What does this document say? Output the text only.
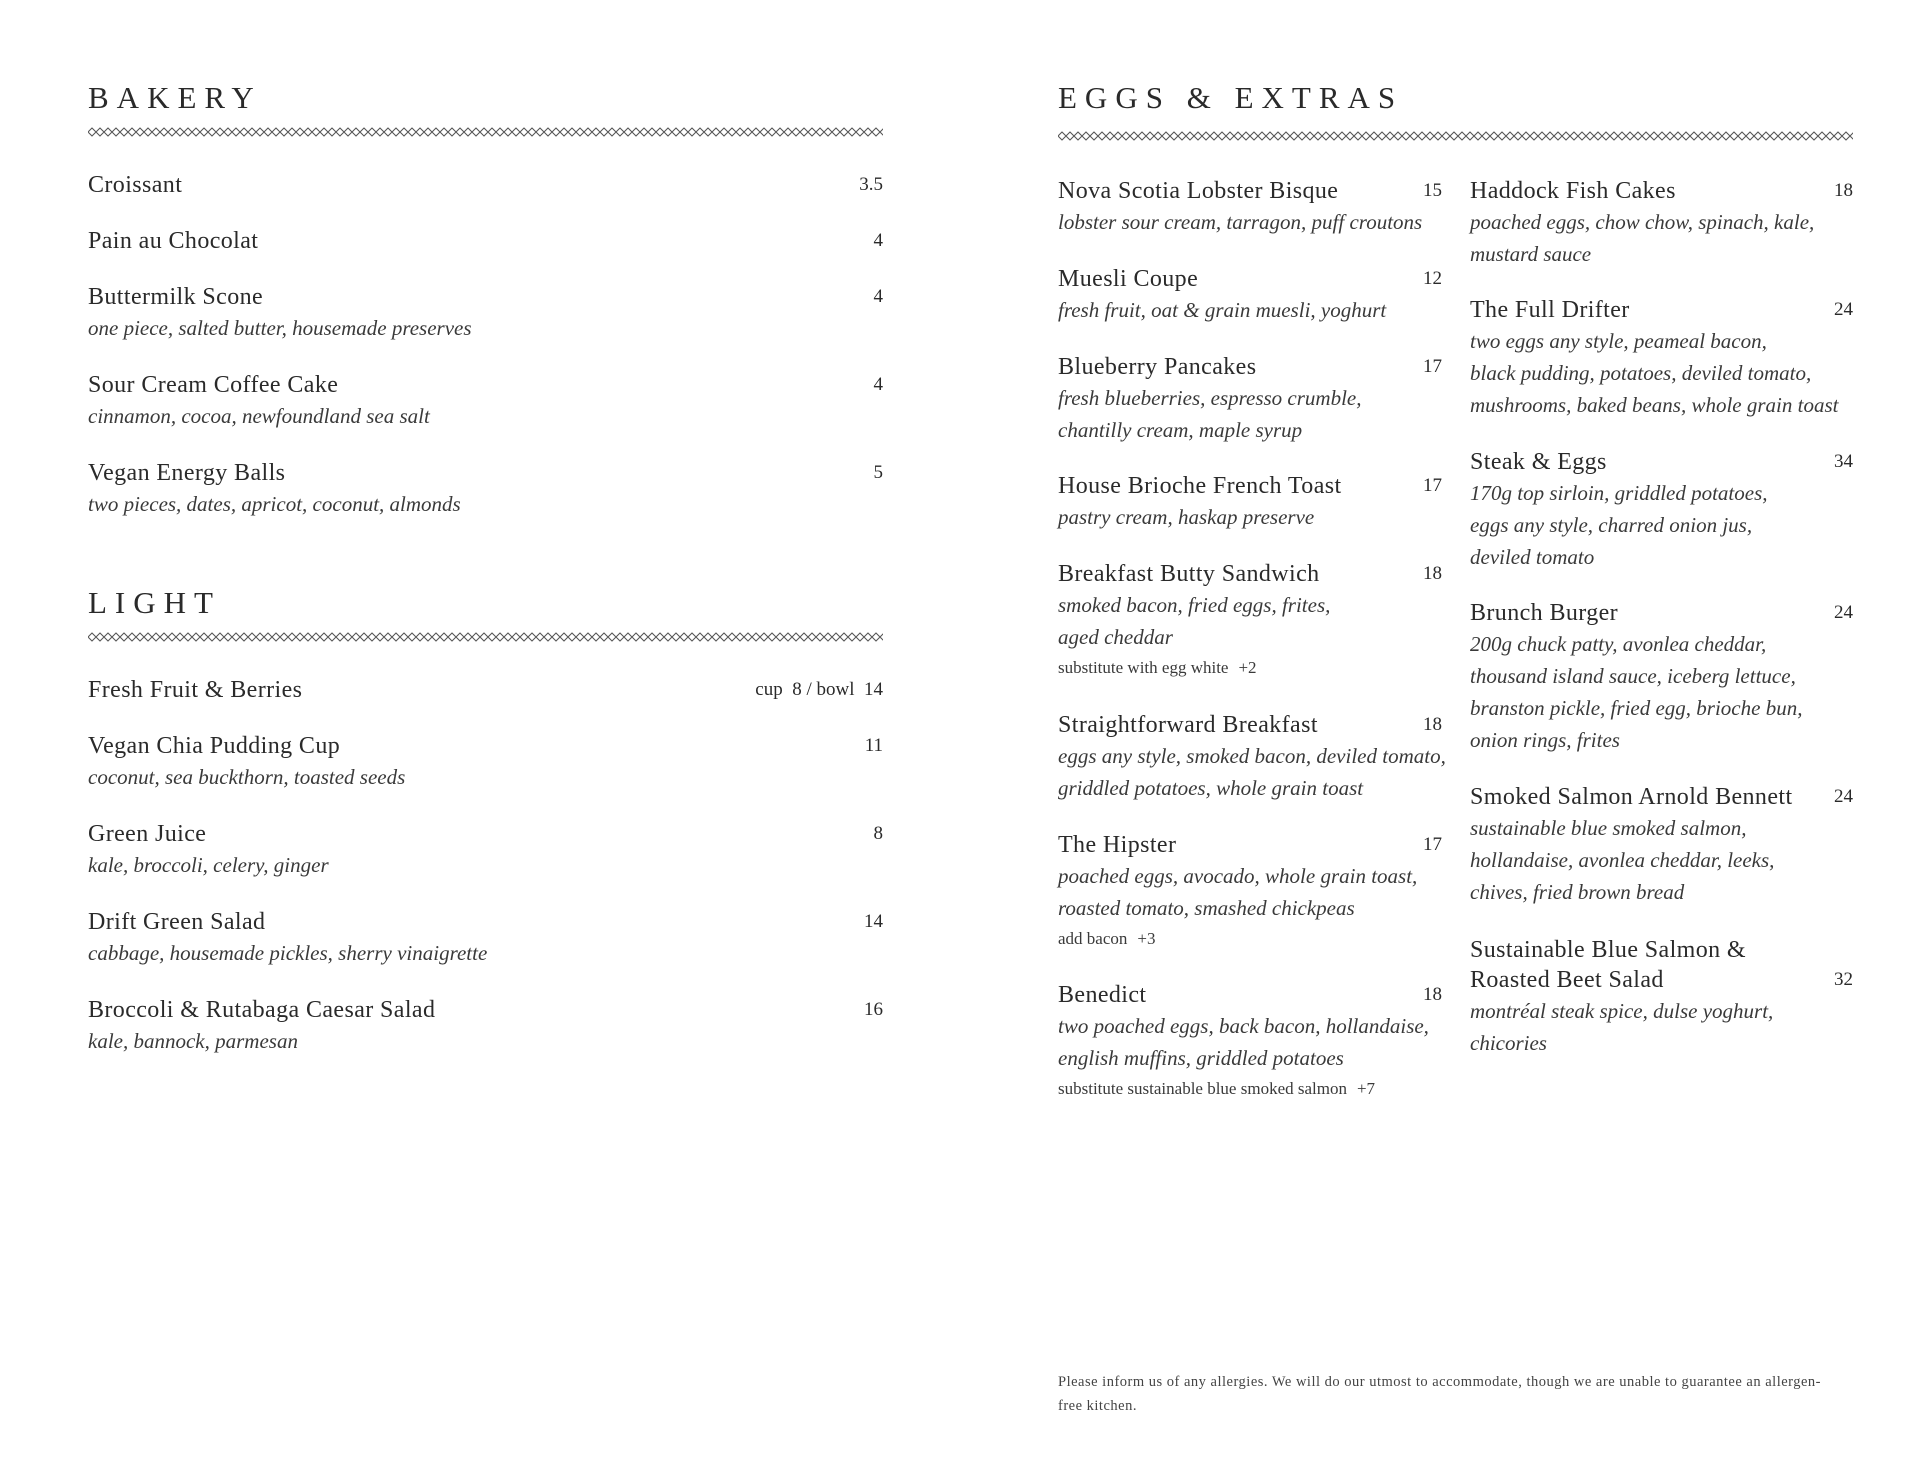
BAKERY
Croissant	3.5
Pain au Chocolat	4
Buttermilk Scone	4
one piece, salted butter, housemade preserves
Sour Cream Coffee Cake	4
cinnamon, cocoa, newfoundland sea salt
Vegan Energy Balls	5
two pieces, dates, apricot, coconut, almonds
LIGHT
Fresh Fruit & Berries	cup  8 / bowl  14
Vegan Chia Pudding Cup	11
coconut, sea buckthorn, toasted seeds
Green Juice	8
kale, broccoli, celery, ginger
Drift Green Salad	14
cabbage, housemade pickles, sherry vinaigrette
Broccoli & Rutabaga Caesar Salad	16
kale, bannock, parmesan
EGGS & EXTRAS
Nova Scotia Lobster Bisque	15
lobster sour cream, tarragon, puff croutons
Muesli Coupe	12
fresh fruit, oat & grain muesli, yoghurt
Blueberry Pancakes	17
fresh blueberries, espresso crumble,
chantilly cream, maple syrup
House Brioche French Toast	17
pastry cream, haskap preserve
Breakfast Butty Sandwich	18
smoked bacon, fried eggs, frites,
aged cheddar
substitute with egg white +2
Straightforward Breakfast	18
eggs any style, smoked bacon, deviled tomato,
griddled potatoes, whole grain toast
The Hipster	17
poached eggs, avocado, whole grain toast,
roasted tomato, smashed chickpeas
add bacon +3
Benedict	18
two poached eggs, back bacon, hollandaise,
english muffins, griddled potatoes
substitute sustainable blue smoked salmon +7
Haddock Fish Cakes	18
poached eggs, chow chow, spinach, kale,
mustard sauce
The Full Drifter	24
two eggs any style, peameal bacon,
black pudding, potatoes, deviled tomato,
mushrooms, baked beans, whole grain toast
Steak & Eggs	34
170g top sirloin, griddled potatoes,
eggs any style, charred onion jus,
deviled tomato
Brunch Burger	24
200g chuck patty, avonlea cheddar,
thousand island sauce, iceberg lettuce,
branston pickle, fried egg, brioche bun,
onion rings, frites
Smoked Salmon Arnold Bennett	24
sustainable blue smoked salmon,
hollandaise, avonlea cheddar, leeks,
chives, fried brown bread
Sustainable Blue Salmon &
Roasted Beet Salad	32
montréal steak spice, dulse yoghurt,
chicories
Please inform us of any allergies. We will do our utmost to accommodate, though we are unable to guarantee an allergen-free kitchen.
